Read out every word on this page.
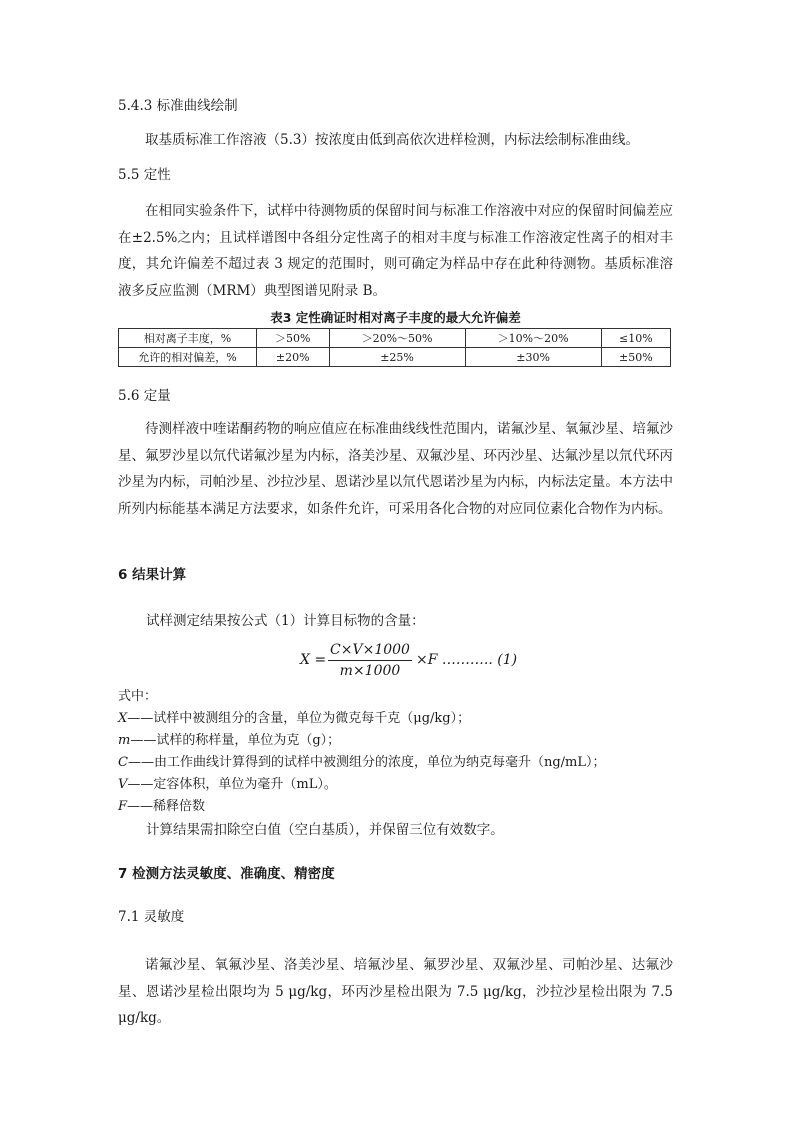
5.4.3 标准曲线绘制
取基质标准工作溶液（5.3）按浓度由低到高依次进样检测，内标法绘制标准曲线。
5.5 定性
在相同实验条件下，试样中待测物质的保留时间与标准工作溶液中对应的保留时间偏差应在±2.5%之内；且试样谱图中各组分定性离子的相对丰度与标准工作溶液定性离子的相对丰度，其允许偏差不超过表 3 规定的范围时，则可确定为样品中存在此种待测物。基质标准溶液多反应监测（MRM）典型图谱见附录 B。
表3 定性确证时相对离子丰度的最大允许偏差
相对离子丰度，%	＞50%	＞20%～50%	＞10%～20%	≤10%
允许的相对偏差，%	±20%	±25%	±30%	±50%
5.6 定量
待测样液中喹诺酮药物的响应值应在标准曲线线性范围内，诺氟沙星、氧氟沙星、培氟沙星、氟罗沙星以氘代诺氟沙星为内标，洛美沙星、双氟沙星、环丙沙星、达氟沙星以氘代环丙沙星为内标，司帕沙星、沙拉沙星、恩诺沙星以氘代恩诺沙星为内标，内标法定量。本方法中所列内标能基本满足方法要求，如条件允许，可采用各化合物的对应同位素化合物作为内标。
6 结果计算
试样测定结果按公式（1）计算目标物的含量：
X =
C×V×1000
m×1000
×F ……….. (1)
式中：
X——试样中被测组分的含量，单位为微克每千克（μg/kg）；
m——试样的称样量，单位为克（g）；
C——由工作曲线计算得到的试样中被测组分的浓度，单位为纳克每毫升（ng/mL）；
V——定容体积，单位为毫升（mL）。
F——稀释倍数
计算结果需扣除空白值（空白基质），并保留三位有效数字。
7 检测方法灵敏度、准确度、精密度
7.1 灵敏度
诺氟沙星、氧氟沙星、洛美沙星、培氟沙星、氟罗沙星、双氟沙星、司帕沙星、达氟沙星、恩诺沙星检出限均为 5 μg/kg，环丙沙星检出限为 7.5 μg/kg，沙拉沙星检出限为 7.5 μg/kg。
